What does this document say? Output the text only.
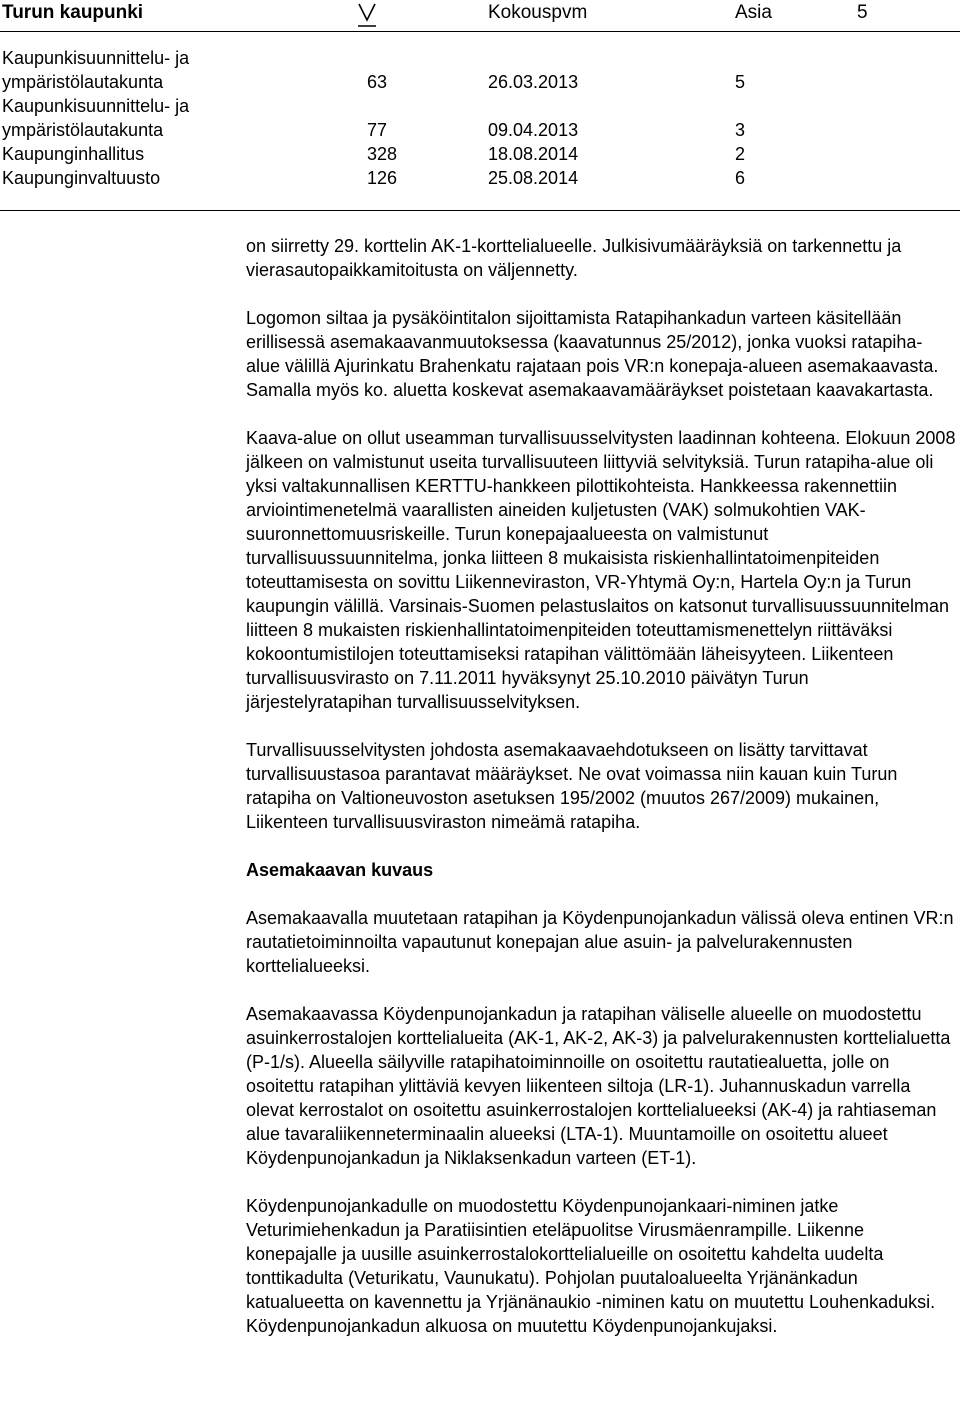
Turun kaupunki	Kokouspvm	Asia	5
Kaupunkisuunnittelu- ja
ympäristölautakunta	63	26.03.2013	5
Kaupunkisuunnittelu- ja
ympäristölautakunta	77	09.04.2013	3
Kaupunginhallitus	328	18.08.2014	2
Kaupunginvaltuusto	126	25.08.2014	6

on siirretty 29. korttelin AK-1-korttelialueelle. Julkisivumääräyksiä on tarkennettu ja vierasautopaikkamitoitusta on väljennetty.

Logomon siltaa ja pysäköintitalon sijoittamista Ratapihankadun varteen käsitellään erillisessä asemakaavanmuutoksessa (kaavatunnus 25/2012), jonka vuoksi ratapiha-alue välillä Ajurinkatu Brahenkatu rajataan pois VR:n konepaja-alueen asemakaavasta. Samalla myös ko. aluetta koskevat asemakaavamääräykset poistetaan kaavakartasta.

Kaava-alue on ollut useamman turvallisuusselvitysten laadinnan kohteena. Elokuun 2008 jälkeen on valmistunut useita turvallisuuteen liittyviä selvityksiä. Turun ratapiha-alue oli yksi valtakunnallisen KERTTU-hankkeen pilottikohteista. Hankkeessa rakennettiin arviointimenetelmä vaarallisten aineiden kuljetusten (VAK) solmukohtien VAK-suuronnettomuusriskeille. Turun konepajaalueesta on valmistunut turvallisuussuunnitelma, jonka liitteen 8 mukaisista riskienhallintatoimenpiteiden toteuttamisesta on sovittu Liikenneviraston, VR-Yhtymä Oy:n, Hartela Oy:n ja Turun kaupungin välillä. Varsinais-Suomen pelastuslaitos on katsonut turvallisuussuunnitelman liitteen 8 mukaisten riskienhallintatoimenpiteiden toteuttamismenettelyn riittäväksi kokoontumistilojen toteuttamiseksi ratapihan välittömään läheisyyteen. Liikenteen turvallisuusvirasto on 7.11.2011 hyväksynyt 25.10.2010 päivätyn Turun järjestelyratapihan turvallisuusselvityksen.

Turvallisuusselvitysten johdosta asemakaavaehdotukseen on lisätty tarvittavat turvallisuustasoa parantavat määräykset. Ne ovat voimassa niin kauan kuin Turun ratapiha on Valtioneuvoston asetuksen 195/2002 (muutos 267/2009) mukainen, Liikenteen turvallisuusviraston nimeämä ratapiha.

Asemakaavan kuvaus

Asemakaavalla muutetaan ratapihan ja Köydenpunojankadun välissä oleva entinen VR:n rautatietoiminnoilta vapautunut konepajan alue asuin- ja palvelurakennusten korttelialueeksi.

Asemakaavassa Köydenpunojankadun ja ratapihan väliselle alueelle on muodostettu asuinkerrostalojen korttelialueita (AK-1, AK-2, AK-3) ja palvelurakennusten korttelialuetta (P-1/s). Alueella säilyville ratapihatoiminnoille on osoitettu rautatiealuetta, jolle on osoitettu ratapihan ylittäviä kevyen liikenteen siltoja (LR-1). Juhannuskadun varrella olevat kerrostalot on osoitettu asuinkerrostalojen korttelialueeksi (AK-4) ja rahtiaseman alue tavaraliikenneterminaalin alueeksi (LTA-1). Muuntamoille on osoitettu alueet Köydenpunojankadun ja Niklaksenkadun varteen (ET-1).

Köydenpunojankadulle on muodostettu Köydenpunojankaari-niminen jatke Veturimiehenkadun ja Paratiisintien eteläpuolitse Virusmäenrampille. Liikenne konepajalle ja uusille asuinkerrostalokorttelialueille on osoitettu kahdelta uudelta tonttikadulta (Veturikatu, Vaunukatu). Pohjolan puutaloalueelta Yrjänänkadun katualueetta on kavennettu ja Yrjänänaukio -niminen katu on muutettu Louhenkaduksi. Köydenpunojankadun alkuosa on muutettu Köydenpunojankujaksi.
